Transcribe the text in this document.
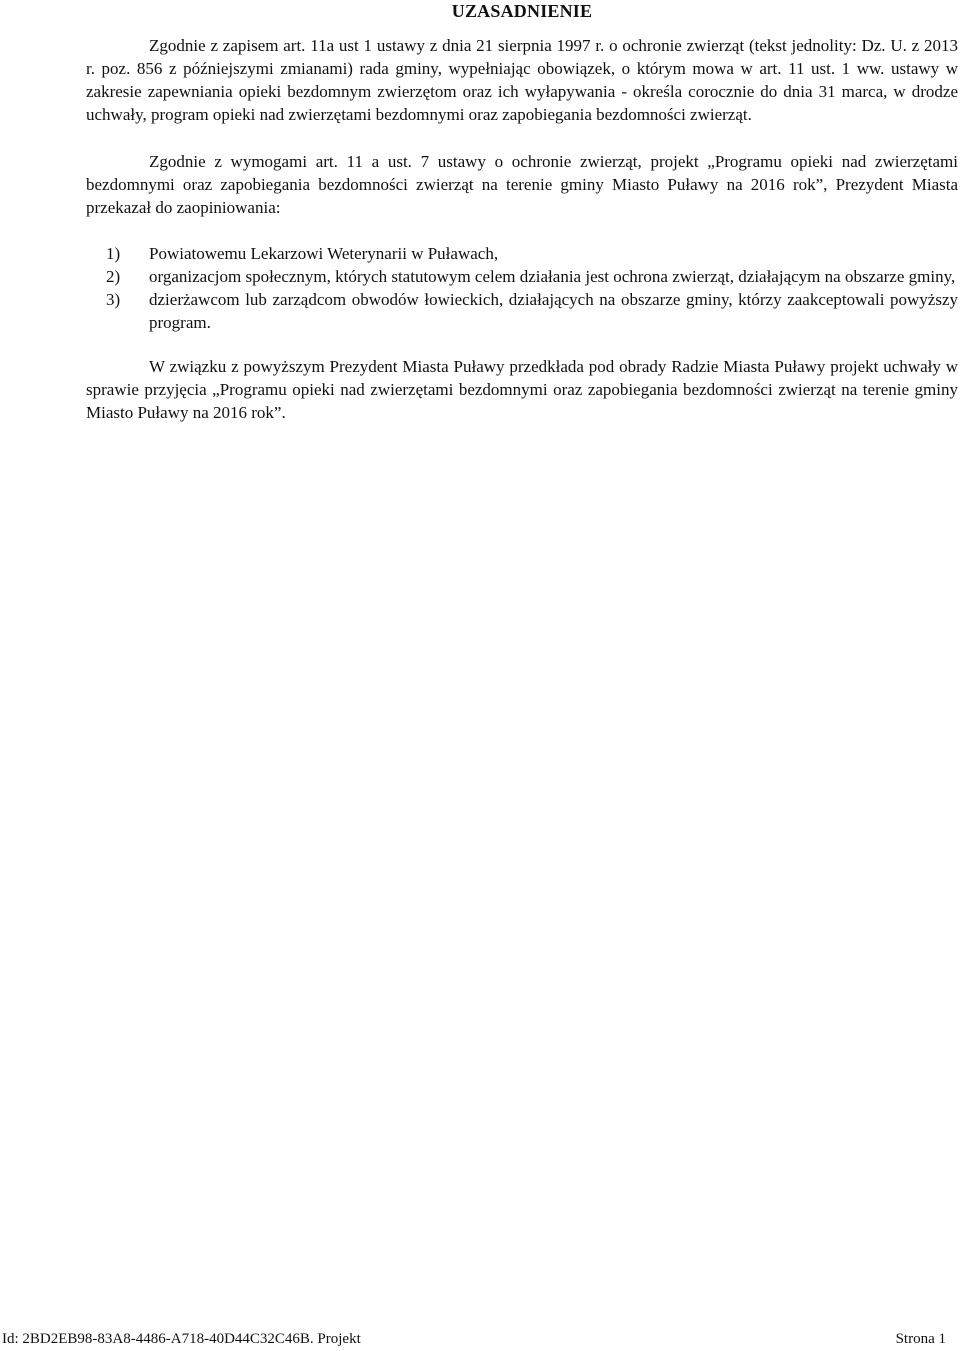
UZASADNIENIE

Zgodnie z zapisem art. 11a ust 1 ustawy z dnia 21 sierpnia 1997 r. o ochronie zwierząt (tekst jednolity: Dz. U. z 2013 r. poz. 856 z późniejszymi zmianami) rada gminy, wypełniając obowiązek, o którym mowa w art. 11 ust. 1 ww. ustawy w zakresie zapewniania opieki bezdomnym zwierzętom oraz ich wyłapywania - określa corocznie do dnia 31 marca, w drodze uchwały, program opieki nad zwierzętami bezdomnymi oraz zapobiegania bezdomności zwierząt.

Zgodnie z wymogami art. 11 a ust. 7 ustawy o ochronie zwierząt, projekt „Programu opieki nad zwierzętami bezdomnymi oraz zapobiegania bezdomności zwierząt na terenie gminy Miasto Puławy na 2016 rok”, Prezydent Miasta przekazał do zaopiniowania:

1) Powiatowemu Lekarzowi Weterynarii w Puławach,
2) organizacjom społecznym, których statutowym celem działania jest ochrona zwierząt, działającym na obszarze gminy,
3) dzierżawcom lub zarządcom obwodów łowieckich, działających na obszarze gminy, którzy zaakceptowali powyższy program.

W związku z powyższym Prezydent Miasta Puławy przedkłada pod obrady Radzie Miasta Puławy projekt uchwały w sprawie przyjęcia „Programu opieki nad zwierzętami bezdomnymi oraz zapobiegania bezdomności zwierząt na terenie gminy Miasto Puławy na 2016 rok”.

Id: 2BD2EB98-83A8-4486-A718-40D44C32C46B. Projekt	Strona 1
